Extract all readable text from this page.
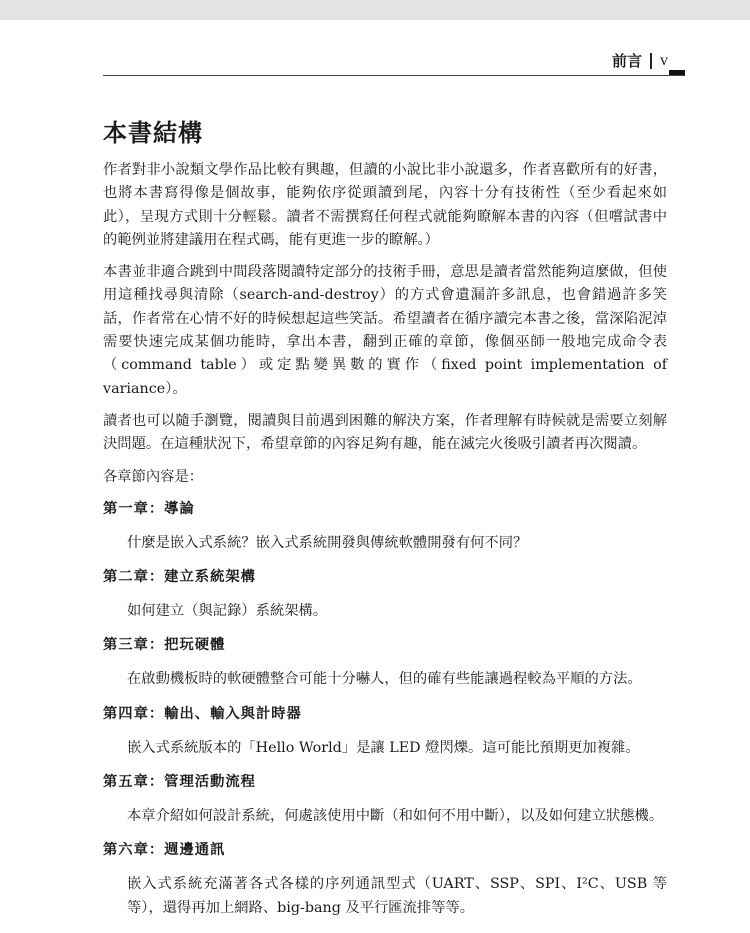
前言 v
本書結構

作者對非小說類文學作品比較有興趣，但讀的小說比非小說還多，作者喜歡所有的好書，也將本書寫得像是個故事，能夠依序從頭讀到尾，內容十分有技術性（至少看起來如此），呈現方式則十分輕鬆。讀者不需撰寫任何程式就能夠瞭解本書的內容（但嚐試書中的範例並將建議用在程式碼，能有更進一步的瞭解。）

本書並非適合跳到中間段落閱讀特定部分的技術手冊，意思是讀者當然能夠這麼做，但使用這種找尋與清除（search-and-destroy）的方式會遺漏許多訊息，也會錯過許多笑話，作者常在心情不好的時候想起這些笑話。希望讀者在循序讀完本書之後，當深陷泥淖需要快速完成某個功能時，拿出本書，翻到正確的章節，像個巫師一般地完成命令表（command table）或定點變異數的實作（fixed point implementation of variance）。

讀者也可以隨手瀏覽，閱讀與目前遇到困難的解決方案，作者理解有時候就是需要立刻解決問題。在這種狀況下，希望章節的內容足夠有趣，能在滅完火後吸引讀者再次閱讀。

各章節內容是：

第一章：導論

什麼是嵌入式系統？嵌入式系統開發與傳統軟體開發有何不同？

第二章：建立系統架構

如何建立（與記錄）系統架構。

第三章：把玩硬體

在啟動機板時的軟硬體整合可能十分嚇人，但的確有些能讓過程較為平順的方法。

第四章：輸出、輸入與計時器

嵌入式系統版本的「Hello World」是讓 LED 燈閃爍。這可能比預期更加複雜。

第五章：管理活動流程

本章介紹如何設計系統，何處該使用中斷（和如何不用中斷），以及如何建立狀態機。

第六章：週邊通訊

嵌入式系統充滿著各式各樣的序列通訊型式（UART、SSP、SPI、I²C、USB 等等），還得再加上網路、big-bang 及平行匯流排等等。
